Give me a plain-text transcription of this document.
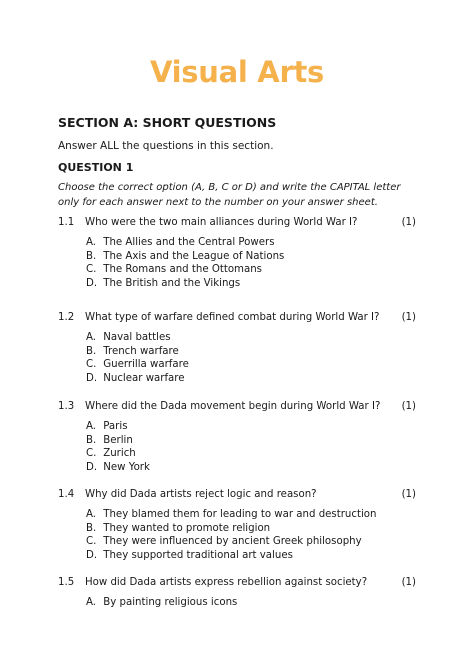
Visual Arts
SECTION A: SHORT QUESTIONS
Answer ALL the questions in this section.
QUESTION 1
Choose the correct option (A, B, C or D) and write the CAPITAL letter only for each answer next to the number on your answer sheet.
1.1 Who were the two main alliances during World War I?	(1)
A. The Allies and the Central Powers
B. The Axis and the League of Nations
C. The Romans and the Ottomans
D. The British and the Vikings
1.2 What type of warfare defined combat during World War I? (1)
A. Naval battles
B. Trench warfare
C. Guerrilla warfare
D. Nuclear warfare
1.3 Where did the Dada movement begin during World War I? (1)
A. Paris
B. Berlin
C. Zurich
D. New York
1.4 Why did Dada artists reject logic and reason?	(1)
A. They blamed them for leading to war and destruction
B. They wanted to promote religion
C. They were influenced by ancient Greek philosophy
D. They supported traditional art values
1.5 How did Dada artists express rebellion against society?	(1)
A. By painting religious icons
